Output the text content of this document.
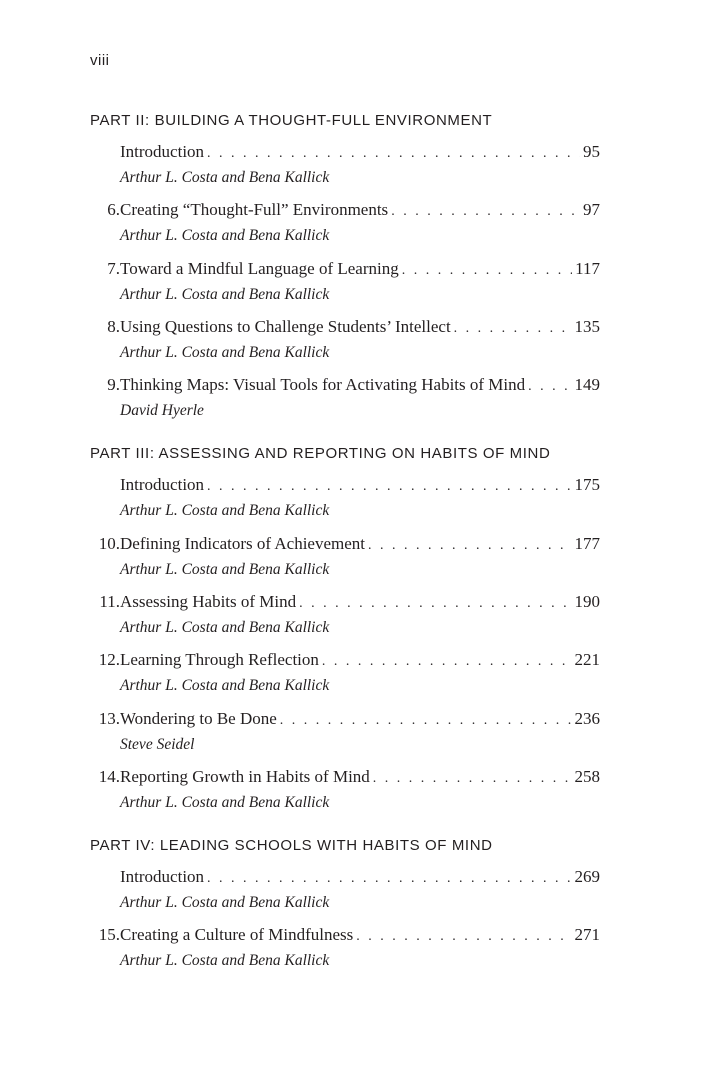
viii
PART II: BUILDING A THOUGHT-FULL ENVIRONMENT
Introduction . . .	95
Arthur L. Costa and Bena Kallick
6. Creating “Thought-Full” Environments . . .	97
Arthur L. Costa and Bena Kallick
7. Toward a Mindful Language of Learning . . .	117
Arthur L. Costa and Bena Kallick
8. Using Questions to Challenge Students’ Intellect . . .	135
Arthur L. Costa and Bena Kallick
9. Thinking Maps: Visual Tools for Activating Habits of Mind . . .	149
David Hyerle
PART III: ASSESSING AND REPORTING ON HABITS OF MIND
Introduction . . .	175
Arthur L. Costa and Bena Kallick
10. Defining Indicators of Achievement . . .	177
Arthur L. Costa and Bena Kallick
11. Assessing Habits of Mind . . .	190
Arthur L. Costa and Bena Kallick
12. Learning Through Reflection . . .	221
Arthur L. Costa and Bena Kallick
13. Wondering to Be Done . . .	236
Steve Seidel
14. Reporting Growth in Habits of Mind . . .	258
Arthur L. Costa and Bena Kallick
PART IV: LEADING SCHOOLS WITH HABITS OF MIND
Introduction . . .	269
Arthur L. Costa and Bena Kallick
15. Creating a Culture of Mindfulness . . .	271
Arthur L. Costa and Bena Kallick
